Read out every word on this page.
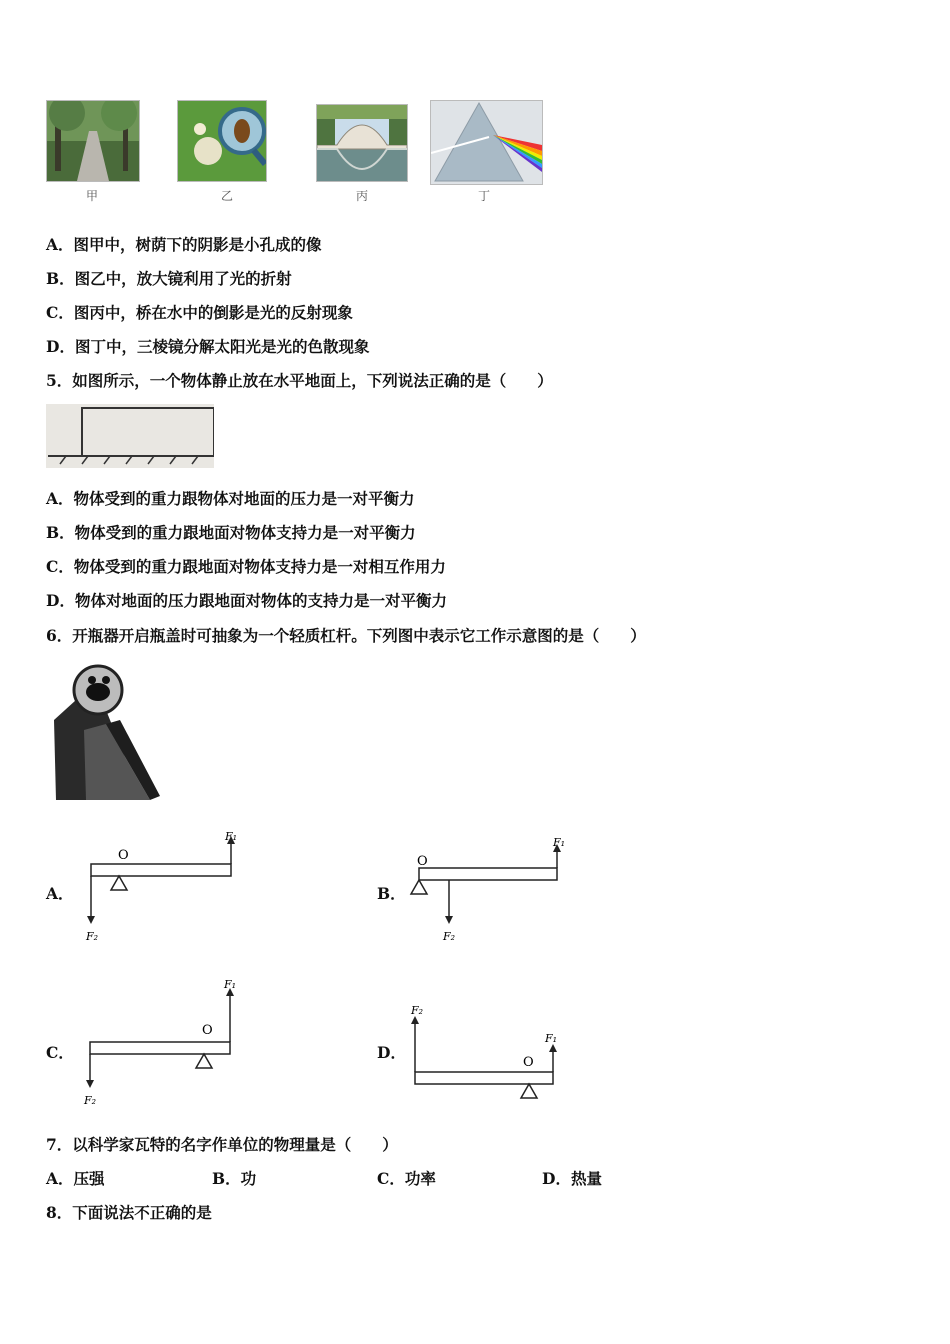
甲	乙	丙	丁
A．图甲中，树荫下的阴影是小孔成的像
B．图乙中，放大镜利用了光的折射
C．图丙中，桥在水中的倒影是光的反射现象
D．图丁中，三棱镜分解太阳光是光的色散现象
5．如图所示，一个物体静止放在水平地面上，下列说法正确的是（　　）
A．物体受到的重力跟物体对地面的压力是一对平衡力
B．物体受到的重力跟地面对物体支持力是一对平衡力
C．物体受到的重力跟地面对物体支持力是一对相互作用力
D．物体对地面的压力跟地面对物体的支持力是一对平衡力
6．开瓶器开启瓶盖时可抽象为一个轻质杠杆。下列图中表示它工作示意图的是（　　）
A．
O
F₁
F₂
B．
O
F₁
F₂
C．
O
F₁
F₂
D．
O
F₂
F₁
7．以科学家瓦特的名字作单位的物理量是（　　）
A．压强	B．功	C．功率	D．热量
8．下面说法不正确的是
